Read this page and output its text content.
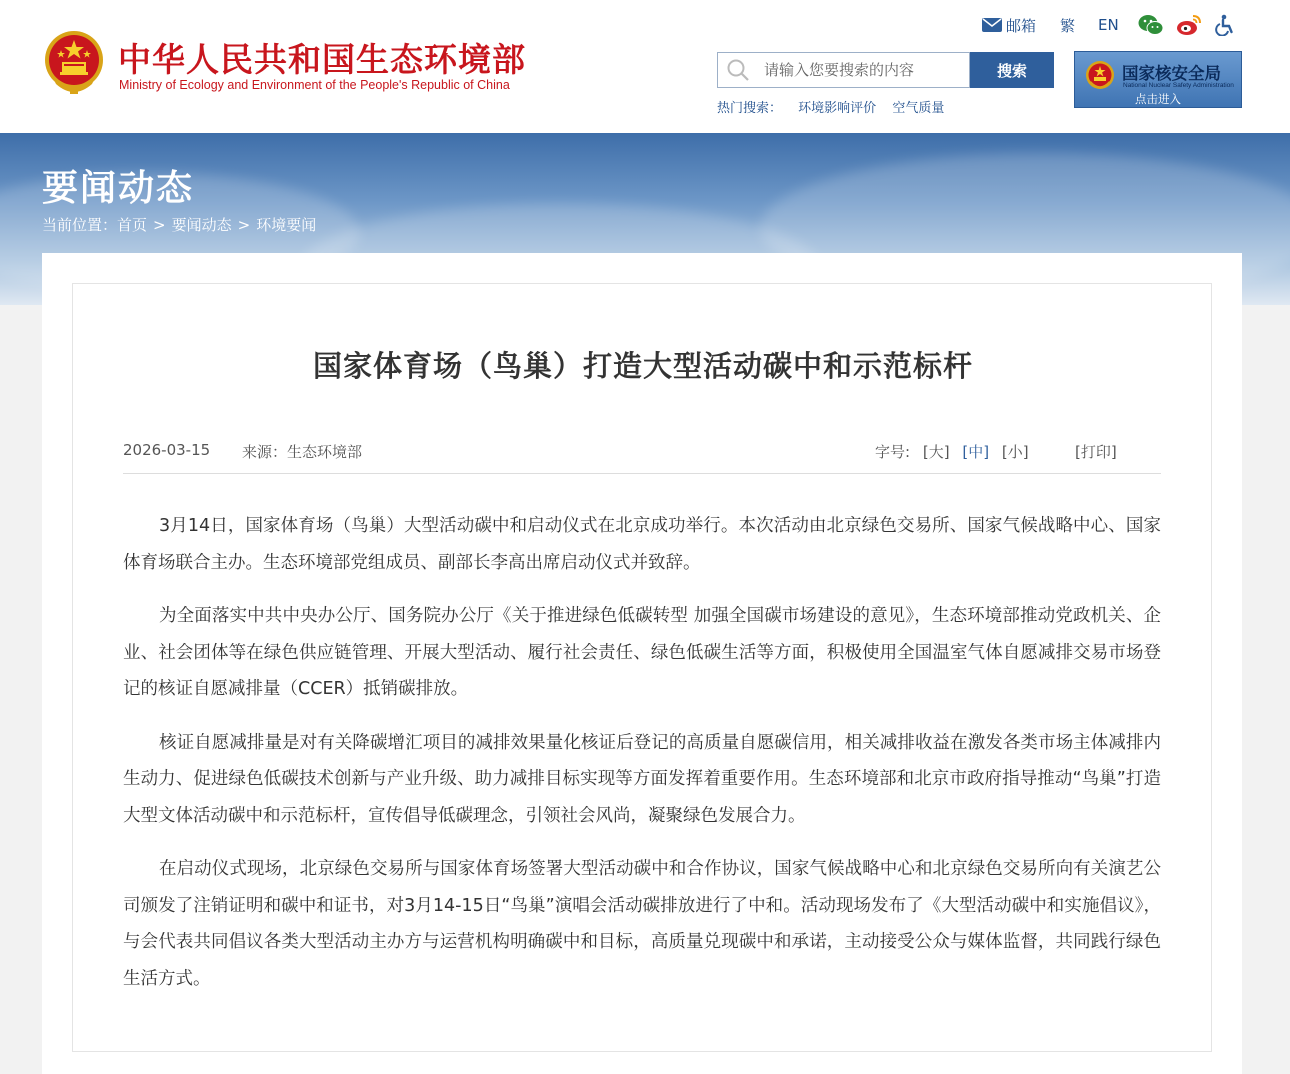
中华人民共和国生态环境部
Ministry of Ecology and Environment of the People's Republic of China
邮箱 繁	EN
请输入您要搜索的内容
搜索
热门搜索： 环境影响评价 空气质量
国家核安全局
National Nuclear Safety Administration
点击进入
要闻动态
当前位置：首页 > 要闻动态 > 环境要闻
国家体育场（鸟巢）打造大型活动碳中和示范标杆
2026-03-15 来源：生态环境部	字号: [大] [中] [小]	[打印]

3月14日，国家体育场（鸟巢）大型活动碳中和启动仪式在北京成功举行。本次活动由北京绿色交易所、国家气候战略中心、国家体育场联合主办。生态环境部党组成员、副部长李高出席启动仪式并致辞。

为全面落实中共中央办公厅、国务院办公厅《关于推进绿色低碳转型 加强全国碳市场建设的意见》，生态环境部推动党政机关、企业、社会团体等在绿色供应链管理、开展大型活动、履行社会责任、绿色低碳生活等方面，积极使用全国温室气体自愿减排交易市场登记的核证自愿减排量（CCER）抵销碳排放。

核证自愿减排量是对有关降碳增汇项目的减排效果量化核证后登记的高质量自愿碳信用，相关减排收益在激发各类市场主体减排内生动力、促进绿色低碳技术创新与产业升级、助力减排目标实现等方面发挥着重要作用。生态环境部和北京市政府指导推动“鸟巢”打造大型文体活动碳中和示范标杆，宣传倡导低碳理念，引领社会风尚，凝聚绿色发展合力。

在启动仪式现场，北京绿色交易所与国家体育场签署大型活动碳中和合作协议，国家气候战略中心和北京绿色交易所向有关演艺公司颁发了注销证明和碳中和证书，对3月14-15日“鸟巢”演唱会活动碳排放进行了中和。活动现场发布了《大型活动碳中和实施倡议》，与会代表共同倡议各类大型活动主办方与运营机构明确碳中和目标，高质量兑现碳中和承诺，主动接受公众与媒体监督，共同践行绿色生活方式。
